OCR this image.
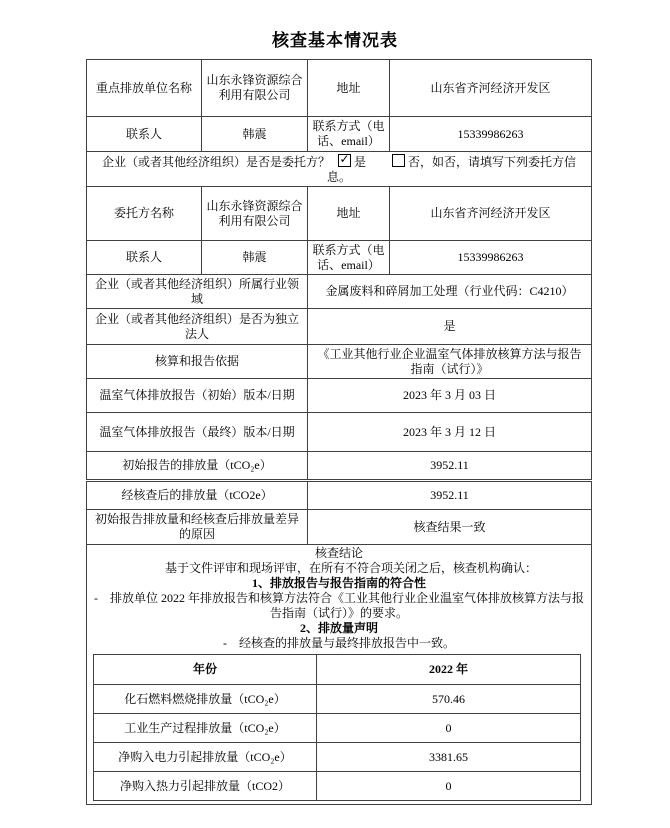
核查基本情况表
重点排放单位名称	山东永锋资源综合利用有限公司	地址	山东省齐河经济开发区
联系人	韩震	联系方式（电话、email）	15339986263
企业（或者其他经济组织）是否是委托方？ ✓ 是	否，如否，请填写下列委托方信息。
委托方名称	山东永锋资源综合利用有限公司	地址	山东省齐河经济开发区
联系人	韩震	联系方式（电话、email）	15339986263
企业（或者其他经济组织）所属行业领域	金属废料和碎屑加工处理（行业代码：C4210）
企业（或者其他经济组织）是否为独立法人	是
核算和报告依据	《工业其他行业企业温室气体排放核算方法与报告指南（试行）》
温室气体排放报告（初始）版本/日期	2023 年 3 月 03 日
温室气体排放报告（最终）版本/日期	2023 年 3 月 12 日
初始报告的排放量（tCO₂e）	3952.11
经核查后的排放量（tCO2e）	3952.11
初始报告排放量和经核查后排放量差异的原因	核查结果一致

核查结论

基于文件评审和现场评审，在所有不符合项关闭之后，核查机构确认：

1、排放报告与报告指南的符合性

-　排放单位 2022 年排放报告和核算方法符合《工业其他行业企业温室气体排放核算方法与报告指南（试行）》的要求。

2、排放量声明

-　经核查的排放量与最终排放报告中一致。

年份	2022 年
化石燃料燃烧排放量（tCO₂e）	570.46
工业生产过程排放量（tCO₂e）	0
净购入电力引起排放量（tCO₂e）	3381.65
净购入热力引起排放量（tCO2）	0
